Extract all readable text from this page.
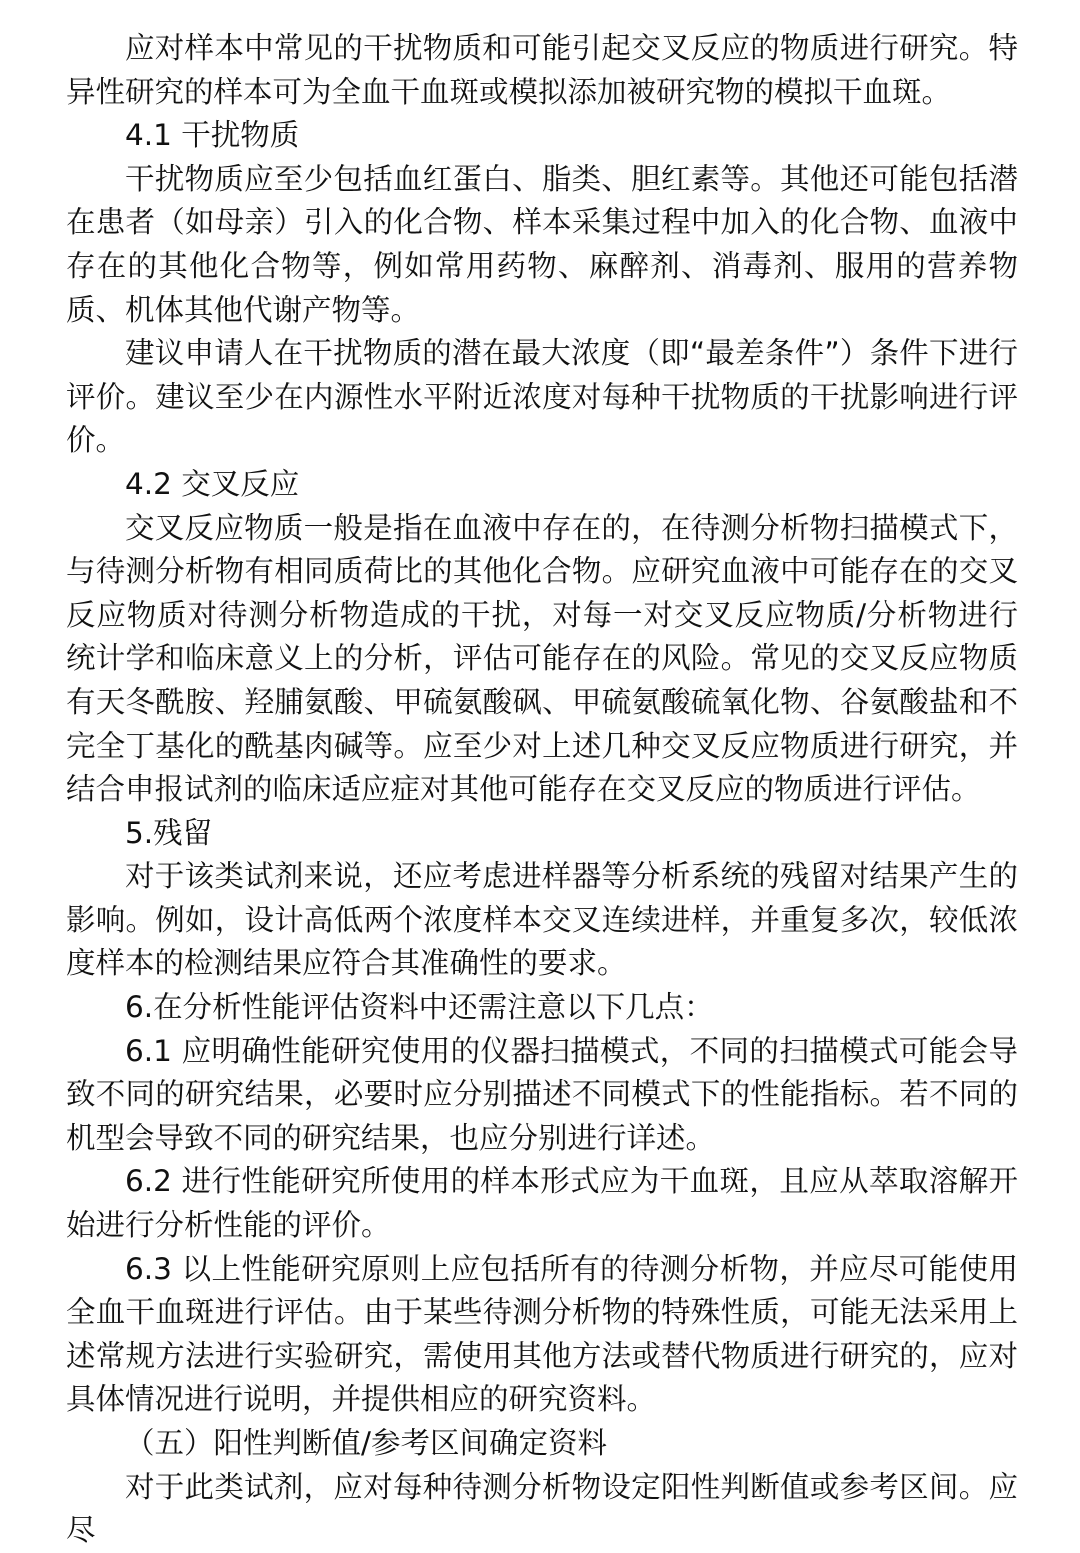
应对样本中常见的干扰物质和可能引起交叉反应的物质进行研究。特异性研究的样本可为全血干血斑或模拟添加被研究物的模拟干血斑。

4.1 干扰物质

干扰物质应至少包括血红蛋白、脂类、胆红素等。其他还可能包括潜在患者（如母亲）引入的化合物、样本采集过程中加入的化合物、血液中存在的其他化合物等，例如常用药物、麻醉剂、消毒剂、服用的营养物质、机体其他代谢产物等。

建议申请人在干扰物质的潜在最大浓度（即“最差条件”）条件下进行评价。建议至少在内源性水平附近浓度对每种干扰物质的干扰影响进行评价。

4.2 交叉反应

交叉反应物质一般是指在血液中存在的，在待测分析物扫描模式下，与待测分析物有相同质荷比的其他化合物。应研究血液中可能存在的交叉反应物质对待测分析物造成的干扰，对每一对交叉反应物质/分析物进行统计学和临床意义上的分析，评估可能存在的风险。常见的交叉反应物质有天冬酰胺、羟脯氨酸、甲硫氨酸砜、甲硫氨酸硫氧化物、谷氨酸盐和不完全丁基化的酰基肉碱等。应至少对上述几种交叉反应物质进行研究，并结合申报试剂的临床适应症对其他可能存在交叉反应的物质进行评估。

5.残留

对于该类试剂来说，还应考虑进样器等分析系统的残留对结果产生的影响。例如，设计高低两个浓度样本交叉连续进样，并重复多次，较低浓度样本的检测结果应符合其准确性的要求。

6.在分析性能评估资料中还需注意以下几点：

6.1 应明确性能研究使用的仪器扫描模式，不同的扫描模式可能会导致不同的研究结果，必要时应分别描述不同模式下的性能指标。若不同的机型会导致不同的研究结果，也应分别进行详述。

6.2 进行性能研究所使用的样本形式应为干血斑，且应从萃取溶解开始进行分析性能的评价。

6.3 以上性能研究原则上应包括所有的待测分析物，并应尽可能使用全血干血斑进行评估。由于某些待测分析物的特殊性质，可能无法采用上述常规方法进行实验研究，需使用其他方法或替代物质进行研究的，应对具体情况进行说明，并提供相应的研究资料。

（五）阳性判断值/参考区间确定资料

对于此类试剂，应对每种待测分析物设定阳性判断值或参考区间。应尽
